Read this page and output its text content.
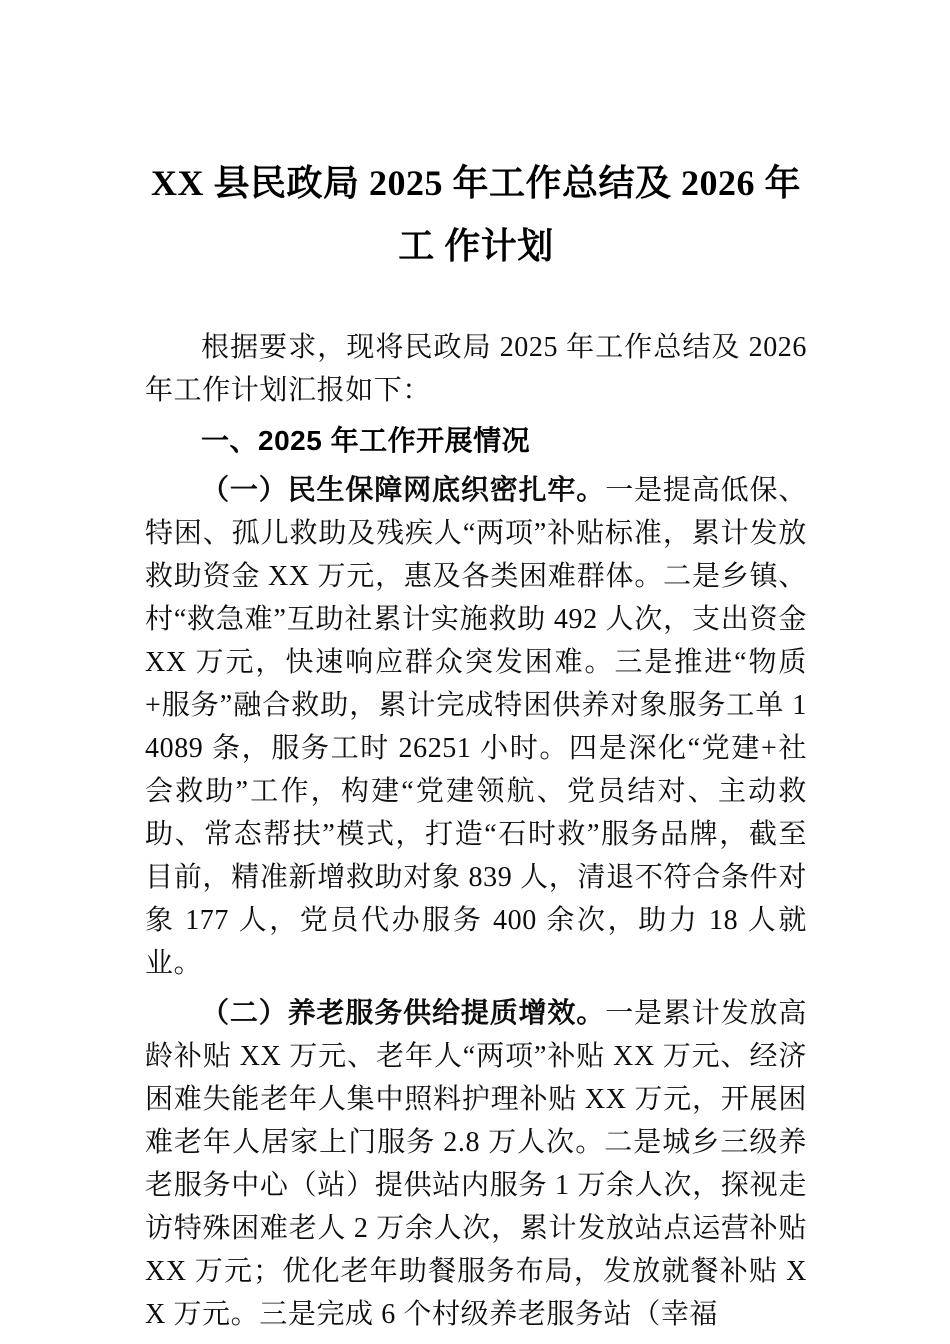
XX 县民政局 2025 年工作总结及 2026 年工 作计划

根据要求，现将民政局 2025 年工作总结及 2026 年工作计划汇报如下：

一、2025 年工作开展情况

（一）民生保障网底织密扎牢。一是提高低保、特困、孤儿救助及残疾人“两项”补贴标准，累计发放救助资金 XX 万元，惠及各类困难群体。二是乡镇、村“救急难”互助社累计实施救助 492 人次，支出资金 XX 万元，快速响应群众突发困难。三是推进“物质+服务”融合救助，累计完成特困供养对象服务工单 14089 条，服务工时 26251 小时。四是深化“党建+社会救助”工作，构建“党建领航、党员结对、主动救助、常态帮扶”模式，打造“石时救”服务品牌，截至目前，精准新增救助对象 839 人，清退不符合条件对象 177 人，党员代办服务 400 余次，助力 18 人就业。

（二）养老服务供给提质增效。一是累计发放高龄补贴 XX 万元、老年人“两项”补贴 XX 万元、经济困难失能老年人集中照料护理补贴 XX 万元，开展困难老年人居家上门服务 2.8 万人次。二是城乡三级养老服务中心（站）提供站内服务 1 万余人次，探视走访特殊困难老人 2 万余人次，累计发放站点运营补贴 XX 万元；优化老年助餐服务布局，发放就餐补贴 XX 万元。三是完成 6 个村级养老服务站（幸福
